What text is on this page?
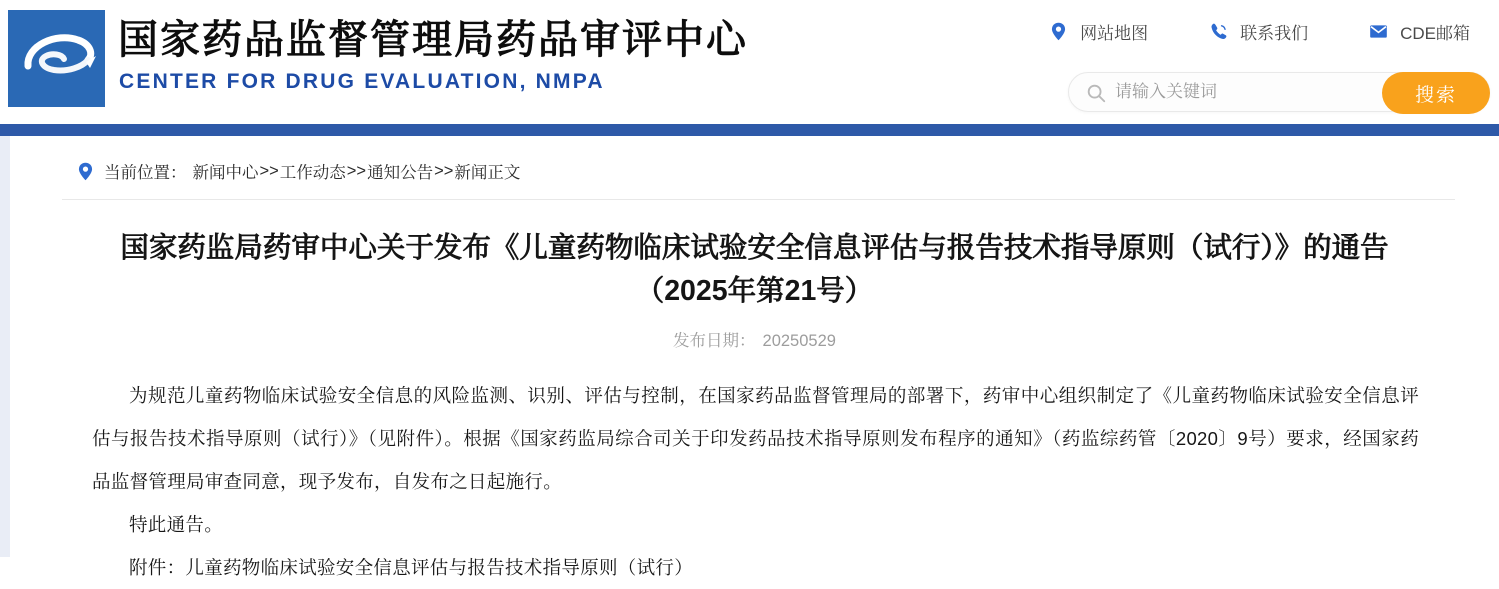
国家药品监督管理局药品审评中心
CENTER FOR DRUG EVALUATION, NMPA
网站地图	联系我们	CDE邮箱
请输入关键词
搜索
当前位置： 新闻中心 >> 工作动态 >> 通知公告 >> 新闻正文
国家药监局药审中心关于发布《儿童药物临床试验安全信息评估与报告技术指导原则（试行）》的通告（2025年第21号）
发布日期： 20250529

为规范儿童药物临床试验安全信息的风险监测、识别、评估与控制，在国家药品监督管理局的部署下，药审中心组织制定了《儿童药物临床试验安全信息评估与报告技术指导原则（试行）》（见附件）。根据《国家药监局综合司关于印发药品技术指导原则发布程序的通知》（药监综药管〔2020〕9号）要求，经国家药品监督管理局审查同意，现予发布，自发布之日起施行。

特此通告。

附件：儿童药物临床试验安全信息评估与报告技术指导原则（试行）
